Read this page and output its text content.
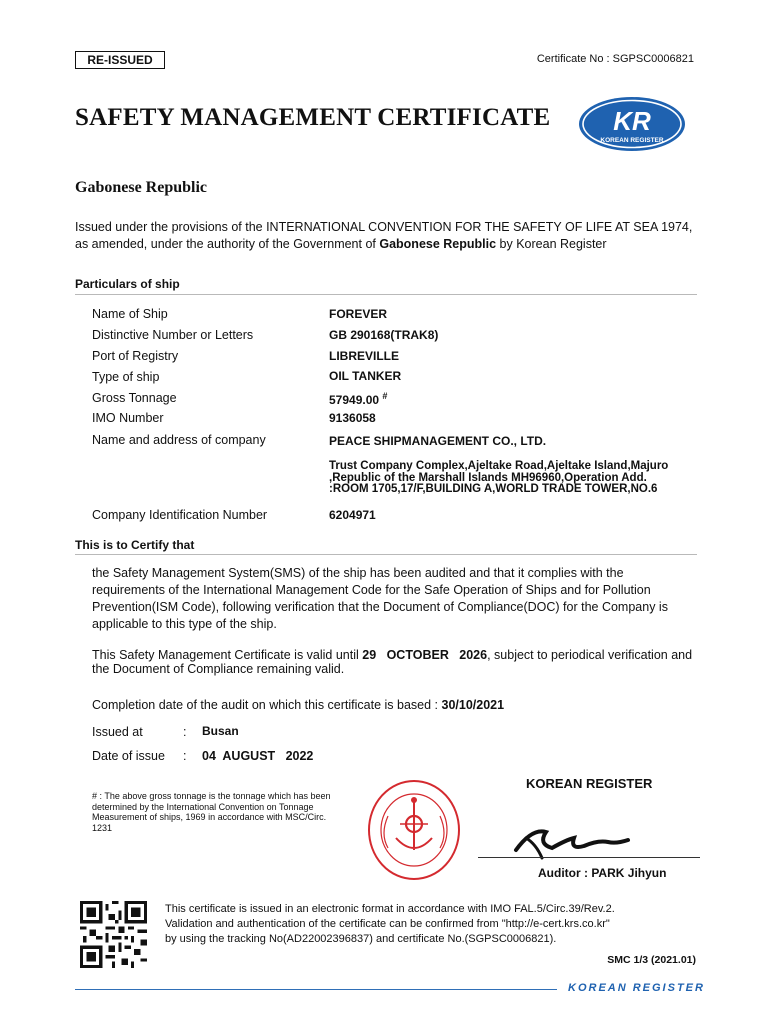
RE-ISSUED	Certificate No : SGPSC0006821
SAFETY MANAGEMENT CERTIFICATE KR
KOREAN REGISTER
Gabonese Republic
Issued under the provisions of the INTERNATIONAL CONVENTION FOR THE SAFETY OF LIFE AT SEA 1974, as amended, under the authority of the Government of Gabonese Republic by Korean Register
Particulars of ship
Name of Ship	FOREVER
Distinctive Number or Letters	GB 290168(TRAK8)
Port of Registry	LIBREVILLE
Type of ship	OIL TANKER
Gross Tonnage	57949.00 #
IMO Number	9136058
Name and address of company	PEACE SHIPMANAGEMENT CO., LTD.
Trust Company Complex,Ajeltake Road,Ajeltake Island,Majuro
,Republic of the Marshall Islands MH96960,Operation Add.
:ROOM 1705,17/F,BUILDING A,WORLD TRADE TOWER,NO.6
Company Identification Number	6204971
This is to Certify that
the Safety Management System(SMS) of the ship has been audited and that it complies with the requirements of the International Management Code for the Safe Operation of Ships and for Pollution Prevention(ISM Code), following verification that the Document of Compliance(DOC) for the Company is applicable to this type of the ship.
This Safety Management Certificate is valid until 29   OCTOBER   2026, subject to periodical verification and the Document of Compliance remaining valid.
Completion date of the audit on which this certificate is based : 30/10/2021
Issued at	: Busan
Date of issue : 04  AUGUST   2022
# : The above gross tonnage is the tonnage which has been determined by the International Convention on Tonnage Measurement of ships, 1969 in accordance with MSC/Circ. 1231
KOREAN REGISTER
Auditor : PARK Jihyun
This certificate is issued in an electronic format in accordance with IMO FAL.5/Circ.39/Rev.2.
Validation and authentication of the certificate can be confirmed from "http://e-cert.krs.co.kr"
by using the tracking No(AD22002396837) and certificate No.(SGPSC0006821).
SMC 1/3 (2021.01)
KOREAN REGISTER
